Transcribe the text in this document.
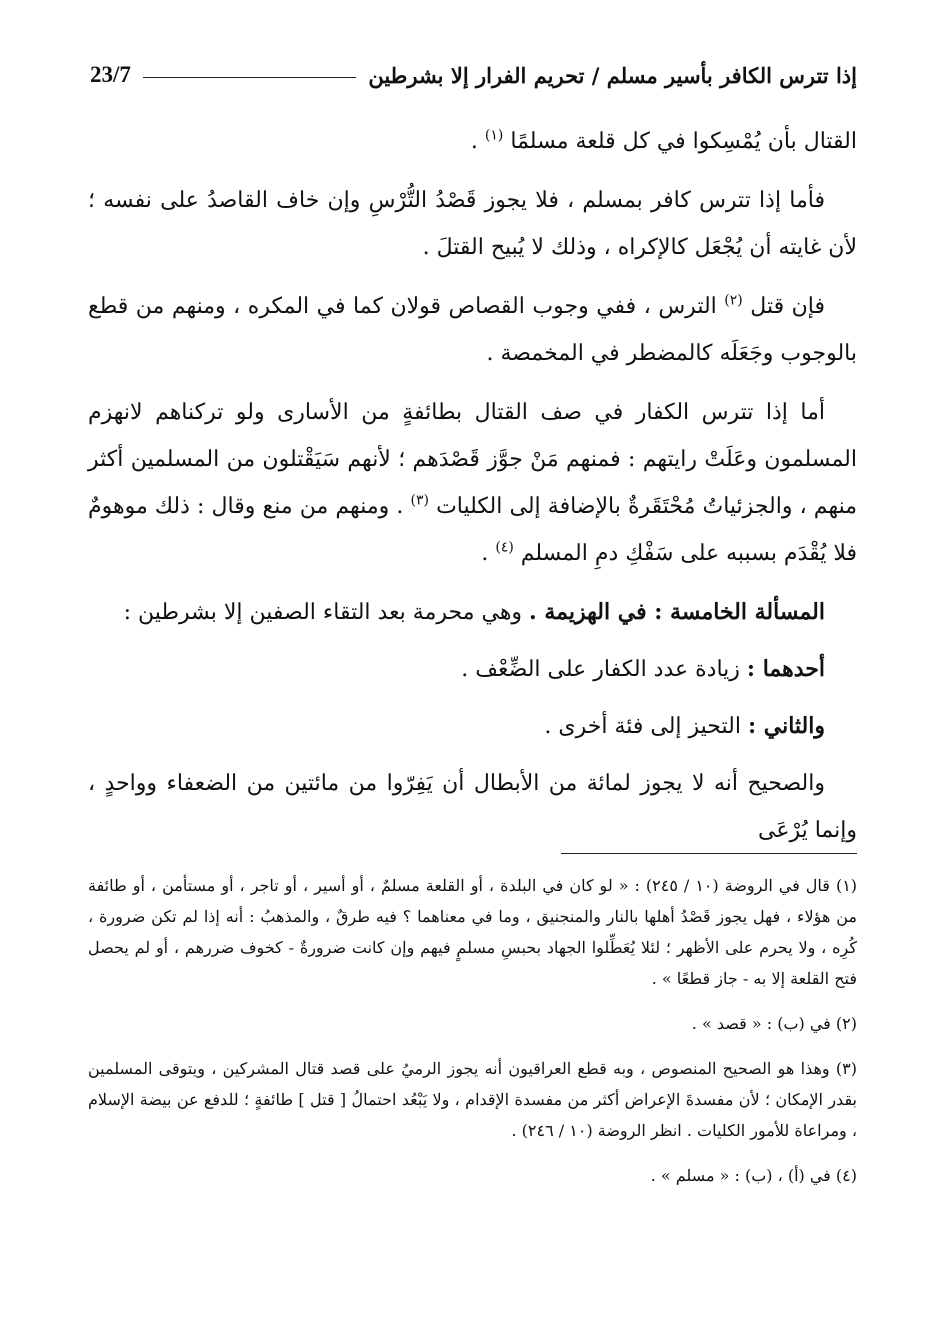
إذا تترس الكافر بأسير مسلم / تحريم الفرار إلا بشرطين
23/7

القتال بأن يُمْسِكوا في كل قلعة مسلمًا $^{(١)}$ .

فأما إذا تترس كافر بمسلم ، فلا يجوز قَصْدُ التُّرْسِ وإن خاف القاصدُ على نفسه ؛ لأن غايته أن يُجْعَل كالإكراه ، وذلك لا يُبيح القتلَ .

فإن قتل $^{(٢)}$ الترس ، ففي وجوب القصاص قولان كما في المكره ، ومنهم من قطع بالوجوب وجَعَلَه كالمضطر في المخمصة .

أما إذا تترس الكفار في صف القتال بطائفةٍ من الأسارى ولو تركناهم لانهزم المسلمون وعَلَتْ رايتهم : فمنهم مَنْ جوَّز قَصْدَهم ؛ لأنهم سَيَقْتلون من المسلمين أكثر منهم ، والجزئياتُ مُحْتَقَرةٌ بالإضافة إلى الكليات $^{(٣)}$ . ومنهم من منع وقال : ذلك موهومٌ فلا يُقْدَم بسببه على سَفْكِ دمِ المسلم $^{(٤)}$ .

المسألة الخامسة : في الهزيمة . وهي محرمة بعد التقاء الصفين إلا بشرطين :

أحدهما : زيادة عدد الكفار على الضِّعْف .

والثاني : التحيز إلى فئة أخرى .

والصحيح أنه لا يجوز لمائة من الأبطال أن يَفِرّوا من مائتين من الضعفاء وواحدٍ ، وإنما يُرْعَى

(١) قال في الروضة (١٠ / ٢٤٥) : « لو كان في البلدة ، أو القلعة مسلمٌ ، أو أسير ، أو تاجر ، أو مستأمن ، أو طائفة من هؤلاء ، فهل يجوز قَصْدُ أهلها بالنار والمنجنيق ، وما في معناهما ؟ فيه طرقٌ ، والمذهبُ : أنه إذا لم تكن ضرورة ، كُرِه ، ولا يحرم على الأظهر ؛ لئلا يُعَطِّلوا الجهاد بحبسِ مسلمٍ فيهم وإن كانت ضرورةٌ - كخوف ضررهم ، أو لم يحصل فتح القلعة إلا به - جاز قطعًا » .

(٢) في (ب) : « قصد » .

(٣) وهذا هو الصحيح المنصوص ، وبه قطع العراقيون أنه يجوز الرميُ على قصد قتال المشركين ، ويتوقى المسلمين بقدر الإمكان ؛ لأن مفسدةَ الإعراض أكثر من مفسدة الإقدام ، ولا يَبْعُد احتمالُ [ قتل ] طائفةٍ ؛ للدفع عن بيضة الإسلام ، ومراعاة للأمور الكليات . انظر الروضة (١٠ / ٢٤٦) .

(٤) في (أ) ، (ب) : « مسلم » .
